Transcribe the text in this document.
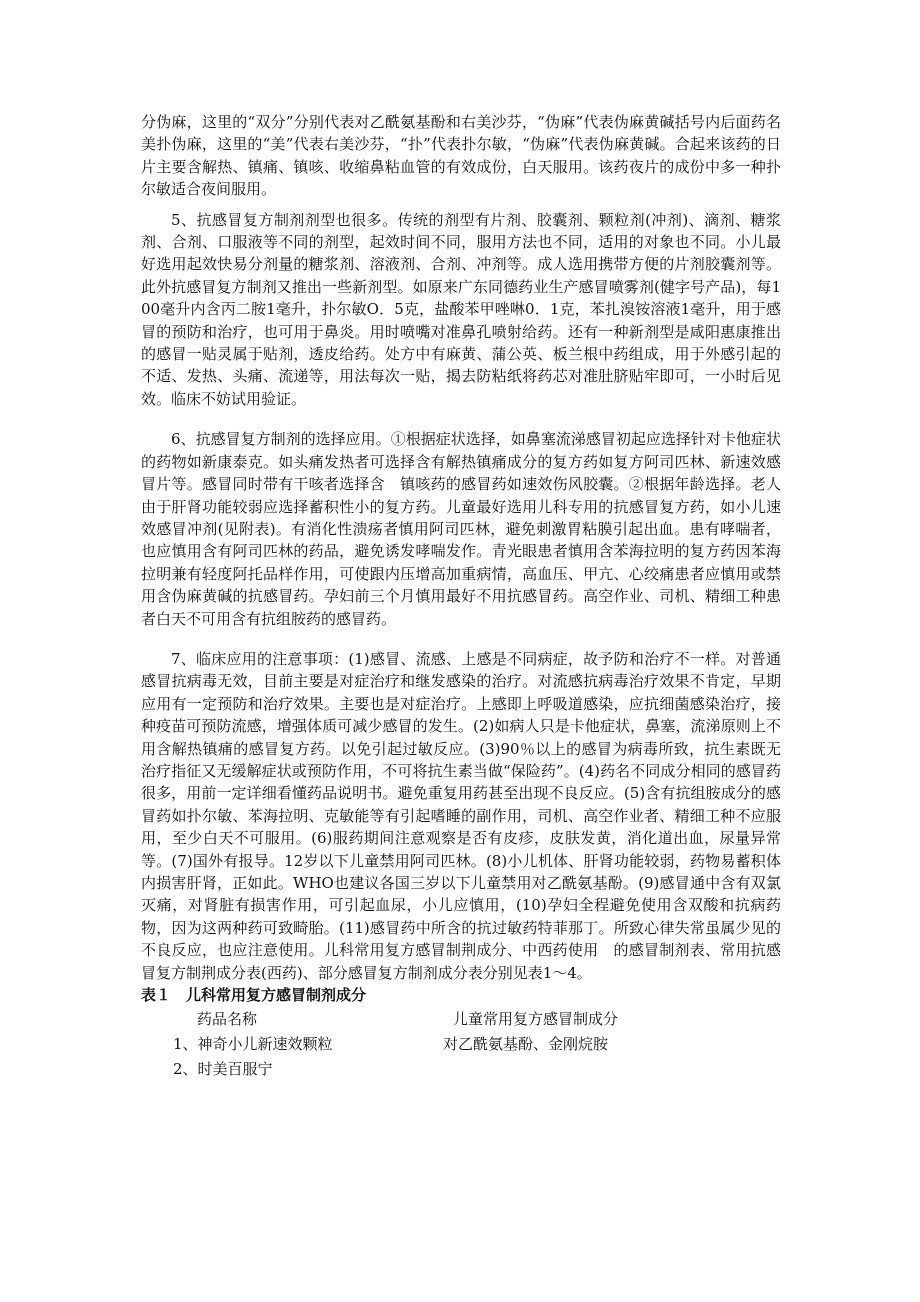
分伪麻，这里的“双分”分别代表对乙酰氨基酚和右美沙芬，“伪麻”代表伪麻黄碱括号内后面药名美扑伪麻，这里的“美”代表右美沙芬，“扑”代表扑尔敏，“伪麻”代表伪麻黄碱。合起来该药的日片主要含解热、镇痛、镇咳、收缩鼻粘血管的有效成份，白天服用。该药夜片的成份中多一种扑尔敏适合夜间服用。

5、抗感冒复方制剂剂型也很多。传统的剂型有片剂、胶囊剂、颗粒剂(冲剂)、滴剂、糖浆剂、合剂、口服液等不同的剂型，起效时间不同，服用方法也不同，适用的对象也不同。小儿最好选用起效快易分剂量的糖浆剂、溶液剂、合剂、冲剂等。成人选用携带方便的片剂胶囊剂等。此外抗感冒复方制剂又推出一些新剂型。如原来广东同德药业生产感冒喷雾剂(健字号产品)，每100毫升内含丙二胺1毫升，扑尔敏O．5克，盐酸苯甲唑啉0．1克，苯扎溴铵溶液1毫升，用于感冒的预防和治疗，也可用于鼻炎。用时喷嘴对准鼻孔喷射给药。还有一种新剂型是咸阳惠康推出的感冒一贴灵属于贴剂，透皮给药。处方中有麻黄、蒲公英、板兰根中药组成，用于外感引起的不适、发热、头痛、流递等，用法每次一贴，揭去防粘纸将药芯对准肚脐贴牢即可，一小时后见效。临床不妨试用验证。

6、抗感冒复方制剂的选择应用。①根据症状选择，如鼻塞流涕感冒初起应选择针对卡他症状的药物如新康泰克。如头痛发热者可选择含有解热镇痛成分的复方药如复方阿司匹林、新速效感冒片等。感冒同时带有干咳者选择含　镇咳药的感冒药如速效伤风胶囊。②根据年龄选择。老人由于肝肾功能较弱应选择蓄积性小的复方药。儿童最好选用儿科专用的抗感冒复方药，如小儿速效感冒冲剂(见附表)。有消化性溃疡者慎用阿司匹林，避免刺激胃粘膜引起出血。患有哮喘者，也应慎用含有阿司匹林的药品，避免诱发哮喘发作。青光眼患者慎用含苯海拉明的复方药因苯海拉明兼有轻度阿托品样作用，可使跟内压增高加重病情，高血压、甲亢、心绞痛患者应慎用或禁用含伪麻黄碱的抗感冒药。孕妇前三个月慎用最好不用抗感冒药。高空作业、司机、精细工种患者白天不可用含有抗组胺药的感冒药。

7、临床应用的注意事项：(1)感冒、流感、上感是不同病症，故予防和治疗不一样。对普通感冒抗病毒无效，目前主要是对症治疗和继发感染的治疗。对流感抗病毒治疗效果不肯定，早期应用有一定预防和治疗效果。主要也是对症治疗。上感即上呼吸道感染，应抗细菌感染治疗，接种疫苗可预防流感，增强体质可减少感冒的发生。(2)如病人只是卡他症状，鼻塞，流涕原则上不用含解热镇痛的感冒复方药。以免引起过敏反应。(3)90％以上的感冒为病毒所致，抗生素既无治疗指征又无缓解症状或预防作用，不可将抗生素当做“保险药”。(4)药名不同成分相同的感冒药很多，用前一定详细看懂药品说明书。避免重复用药甚至出现不良反应。(5)含有抗组胺成分的感冒药如扑尔敏、苯海拉明、克敏能等有引起嗜睡的副作用，司机、高空作业者、精细工种不应服用，至少白天不可服用。(6)服药期间注意观察是否有皮疹，皮肤发黄，消化道出血，尿量异常等。(7)国外有报导。12岁以下儿童禁用阿司匹林。(8)小儿机体、肝肾功能较弱，药物易蓄积体内损害肝肾，正如此。WHO也建议各国三岁以下儿童禁用对乙酰氨基酚。(9)感冒通中含有双氯灭痛，对肾脏有损害作用，可引起血尿，小儿应慎用，(10)孕妇全程避免使用含双酸和抗病药物，因为这两种药可致畸胎。(11)感冒药中所含的抗过敏药特菲那丁。所致心律失常虽属少见的不良反应，也应注意使用。儿科常用复方感冒制荆成分、中西药使用　的感冒制剂表、常用抗感冒复方制荆成分表(西药)、部分感冒复方制剂成分表分别见表1～4。

表１　儿科常用复方感冒制剂成分

药品名称	儿童常用复方感冒制成分
1、神奇小儿新速效颗粒	对乙酰氨基酚、金刚烷胺
2、时美百服宁
